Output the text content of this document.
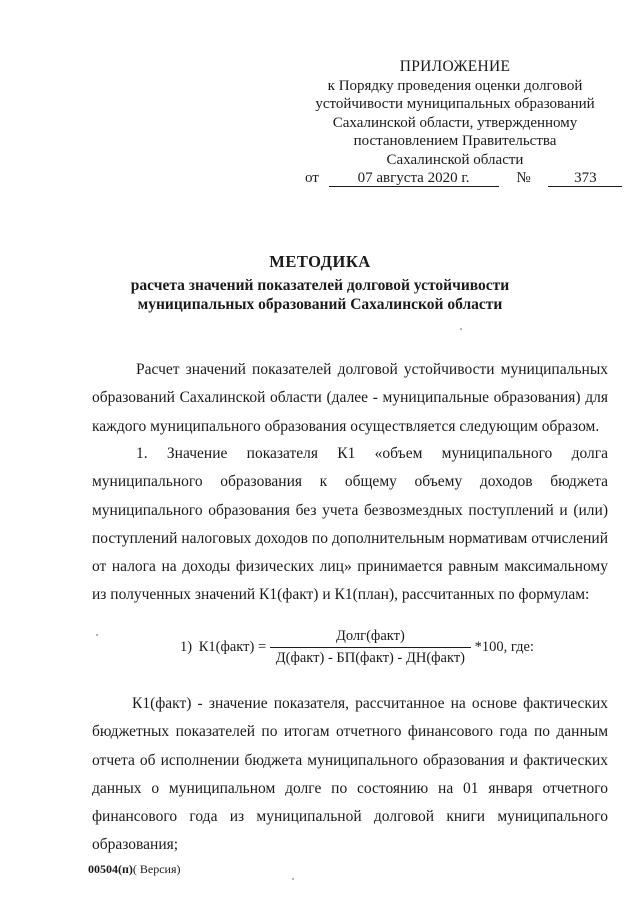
ПРИЛОЖЕНИЕ
к Порядку проведения оценки долговой
устойчивости муниципальных образований
Сахалинской области, утвержденному
постановлением Правительства
Сахалинской области
от	07 августа 2020 г.	№	373
МЕТОДИКА
расчета значений показателей долговой устойчивости
муниципальных образований Сахалинской области
Расчет значений показателей долговой устойчивости муниципальных образований Сахалинской области (далее - муниципальные образования) для каждого муниципального образования осуществляется следующим образом.
1. Значение показателя К1 «объем муниципального долга муниципального образования к общему объему доходов бюджета муниципального образования без учета безвозмездных поступлений и (или) поступлений налоговых доходов по дополнительным нормативам отчислений от налога на доходы физических лиц» принимается равным максимальному из полученных значений К1(факт) и К1(план), рассчитанных по формулам:
1) К1(факт) = $\frac{\text{Долг(факт)}}{\text{Д(факт) - БП(факт) - ДН(факт)}} *100$, где:
К1(факт) - значение показателя, рассчитанное на основе фактических бюджетных показателей по итогам отчетного финансового года по данным отчета об исполнении бюджета муниципального образования и фактических данных о муниципальном долге по состоянию на 01 января отчетного финансового года из муниципальной долговой книги муниципального образования;
00504(п)( Версия)
